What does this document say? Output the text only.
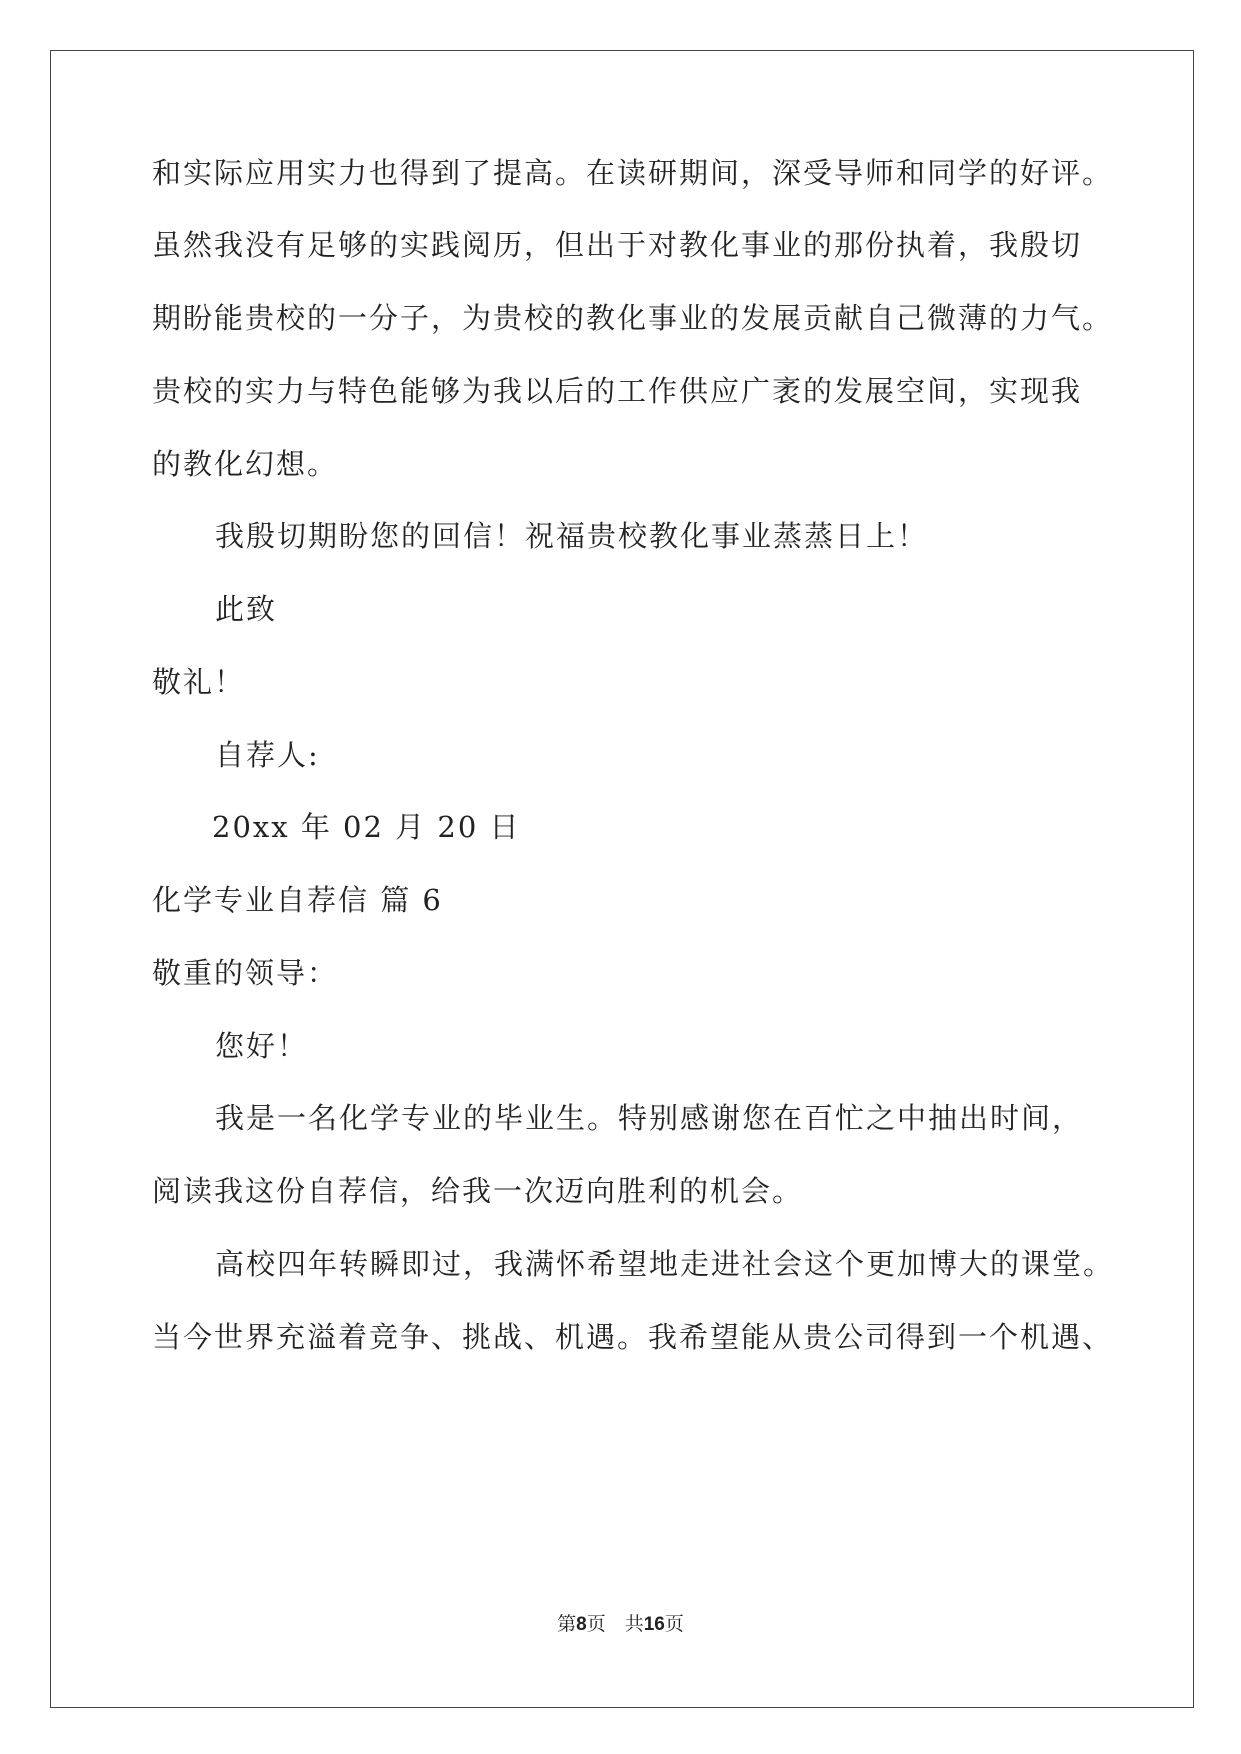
和实际应用实力也得到了提高。在读研期间，深受导师和同学的好评。
虽然我没有足够的实践阅历，但出于对教化事业的那份执着，我殷切
期盼能贵校的一分子，为贵校的教化事业的发展贡献自己微薄的力气。
贵校的实力与特色能够为我以后的工作供应广袤的发展空间，实现我
的教化幻想。
我殷切期盼您的回信！祝福贵校教化事业蒸蒸日上！
此致
敬礼！
自荐人:
20xx 年 02 月 20 日
化学专业自荐信 篇 6
敬重的领导：
您好！
我是一名化学专业的毕业生。特别感谢您在百忙之中抽出时间，
阅读我这份自荐信，给我一次迈向胜利的机会。
高校四年转瞬即过，我满怀希望地走进社会这个更加博大的课堂。
当今世界充溢着竞争、挑战、机遇。我希望能从贵公司得到一个机遇、
第8页　共16页
